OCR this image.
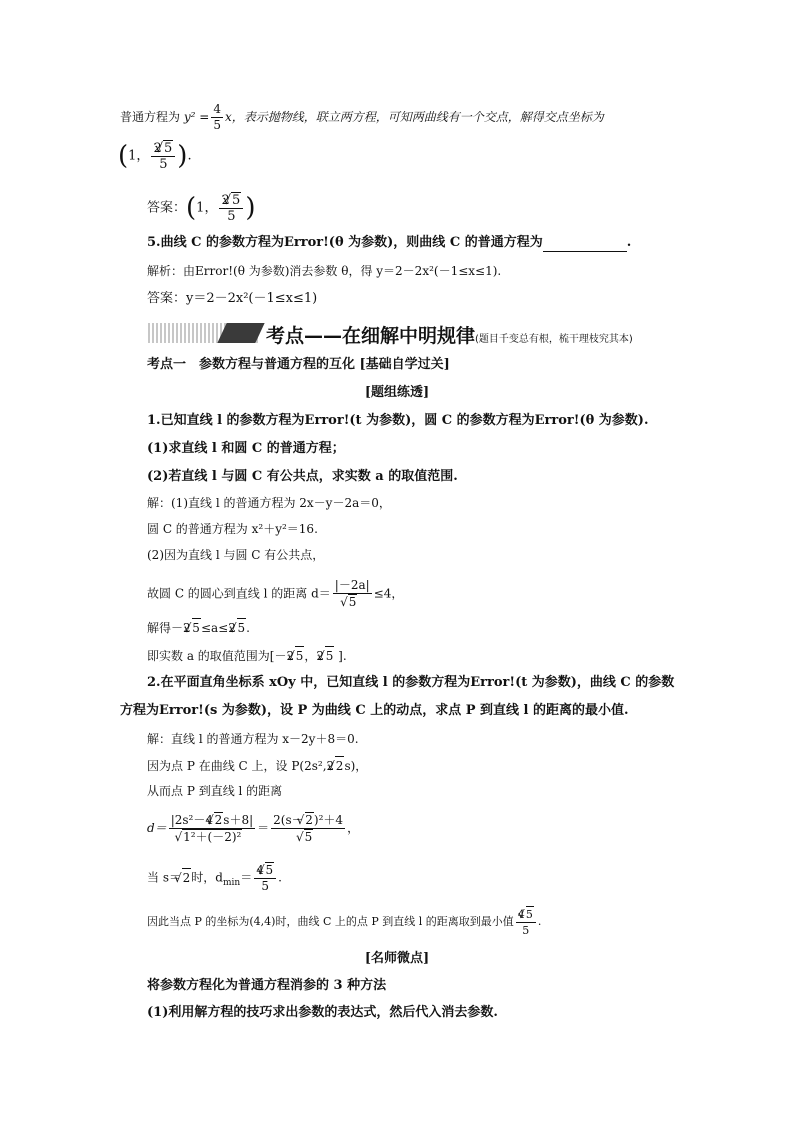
普通方程为 $y^2 = \frac{4}{5}$ x，表示抛物线，联立两方程，可知两曲线有一个交点，解得交点坐标为
(1， $\frac{2 √ 5}{5}$ ).
答案：(1， $\frac{2 √ 5}{5}$ )
5.曲线 C 的参数方程为Error!(θ 为参数)，则曲线 C 的普通方程为	.
解析：由Error!(θ 为参数)消去参数 θ，得 y＝2－2x²(－1≤x≤1).
答案：y＝2－2x²(－1≤x≤1)
考点——在细解中明规律(题目千变总有根，梳干理枝究其本)
考点一　参数方程与普通方程的互化 [基础自学过关]
[题组练透]
1.已知直线 l 的参数方程为Error!(t 为参数)，圆 C 的参数方程为Error!(θ 为参数).
(1)求直线 l 和圆 C 的普通方程；
(2)若直线 l 与圆 C 有公共点，求实数 a 的取值范围.
解：(1)直线 l 的普通方程为 2x－y－2a＝0，
圆 C 的普通方程为 x²＋y²＝16.
(2)因为直线 l 与圆 C 有公共点，
故圆 C 的圆心到直线 l 的距离 d＝ |－2a|
√ 5 ≤4，
解得－2 √ 5≤a≤2 √ 5.
即实数 a 的取值范围为[－2 √ 5，2 √ 5 ].
2.在平面直角坐标系 xOy 中，已知直线 l 的参数方程为Error!(t 为参数)，曲线 C 的参数
方程为Error!(s 为参数)，设 P 为曲线 C 上的动点，求点 P 到直线 l 的距离的最小值.
解：直线 l 的普通方程为 x－2y＋8＝0.
因为点 P 在曲线 C 上，设 P(2s²,2 √ 2s)，
从而点 P 到直线 l 的距离
d＝ |2s²－4 √ 2s＋8|
√ 1²＋(－2)² ＝ 2(s－ √ 2)²＋4
√ 5 ，
当 s＝ √ 2时，$d_{min}= \frac{4 √ 5}{5}$ .
因此当点 P 的坐标为(4,4)时，曲线 C 上的点 P 到直线 l 的距离取到最小值 $\frac{4√ 5}{5}$ .
[名师微点]
将参数方程化为普通方程消参的 3 种方法
(1)利用解方程的技巧求出参数的表达式，然后代入消去参数.
